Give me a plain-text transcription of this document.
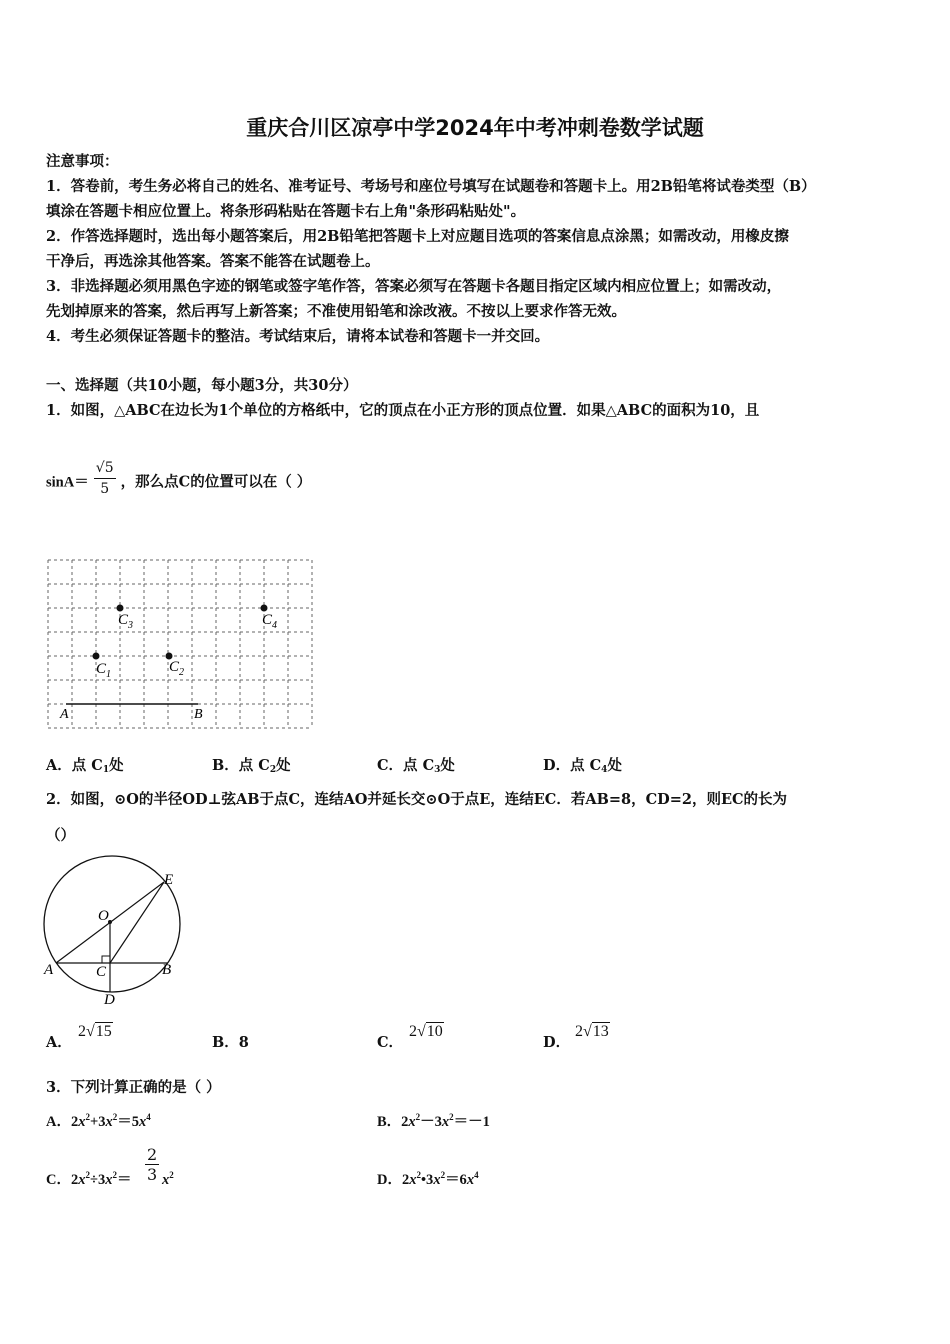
重庆合川区凉亭中学2024年中考冲刺卷数学试题
注意事项：
1．答卷前，考生务必将自己的姓名、准考证号、考场号和座位号填写在试题卷和答题卡上。用2B铅笔将试卷类型（B）
填涂在答题卡相应位置上。将条形码粘贴在答题卡右上角"条形码粘贴处"。
2．作答选择题时，选出每小题答案后，用2B铅笔把答题卡上对应题目选项的答案信息点涂黑；如需改动，用橡皮擦
干净后，再选涂其他答案。答案不能答在试题卷上。
3．非选择题必须用黑色字迹的钢笔或签字笔作答，答案必须写在答题卡各题目指定区域内相应位置上；如需改动，
先划掉原来的答案，然后再写上新答案；不准使用铅笔和涂改液。不按以上要求作答无效。
4．考生必须保证答题卡的整洁。考试结束后，请将本试卷和答题卡一并交回。
一、选择题（共10小题，每小题3分，共30分）
1．如图，△ABC在边长为1个单位的方格纸中，它的顶点在小正方形的顶点位置．如果△ABC的面积为10，且
$\sin A= \frac{√5}{5}$ ，那么点C的位置可以在（ ）
C 3	C 4
C 1	C 2
A	B
A．点 $C_1$处	B．点 $C_2$处	C．点 $C_3$处	D．点 $C_4$处
2．如图，⊙O的半径OD⊥弦AB于点C，连结AO并延长交⊙O于点E，连结EC．若AB=8，CD=2，则EC的长为
（）
O
E
A	B
C
D
A．
2√15
B．8	C．
2√10
D．
2√13
3．下列计算正确的是（ ）
A．$2x^2+3x^2=5x^4$	B．$2x^2-3x^2=-1$
C．$2x^2\div 3x^2= \frac{2}{3} x^2$	D．$2x^2•3x^2=6x^4$
